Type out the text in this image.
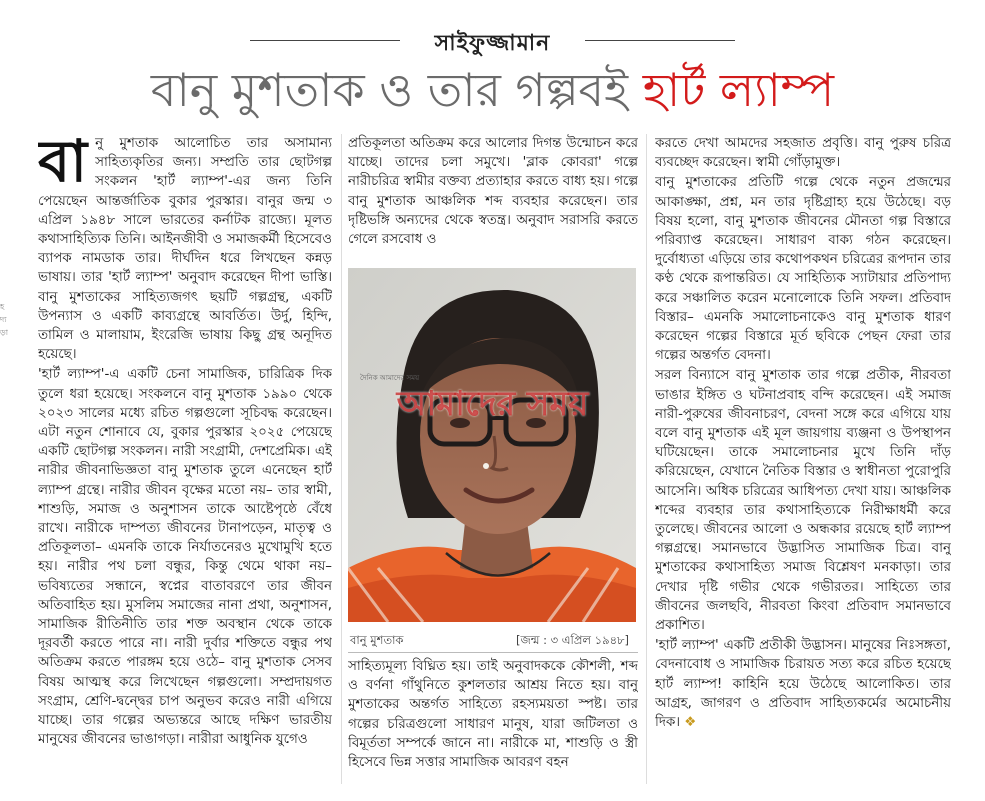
সাইফুজ্জামান
বানু মুশতাক ও তার গল্পবই হার্ট ল্যাম্প
হ দ্য ড়া

বানু মুশতাক আলোচিত তার অসামান্য সাহিত্যকৃতির জন্য। সম্প্রতি তার ছোটগল্প সংকলন 'হার্ট ল্যাম্প'-এর জন্য তিনি পেয়েছেন আন্তর্জাতিক বুকার পুরস্কার। বানুর জন্ম ৩ এপ্রিল ১৯৪৮ সালে ভারতের কর্নাটক রাজ্যে। মূলত কথাসাহিত্যিক তিনি। আইনজীবী ও সমাজকর্মী হিসেবেও ব্যাপক নামডাক তার। দীর্ঘদিন ধরে লিখছেন কন্নড় ভাষায়। তার 'হার্ট ল্যাম্প' অনুবাদ করেছেন দীপা ভাস্তি। বানু মুশতাকের সাহিত্যজগৎ ছয়টি গল্পগ্রন্থ, একটি উপন্যাস ও একটি কাব্যগ্রন্থে আবর্তিত। উর্দু, হিন্দি, তামিল ও মালায়াম, ইংরেজি ভাষায় কিছু গ্রন্থ অনূদিত হয়েছে।

'হার্ট ল্যাম্প'-এ একটি চেনা সামাজিক, চারিত্রিক দিক তুলে ধরা হয়েছে। সংকলনে বানু মুশতাক ১৯৯০ থেকে ২০২৩ সালের মধ্যে রচিত গল্পগুলো সূচিবদ্ধ করেছেন। এটা নতুন শোনাবে যে, বুকার পুরস্কার ২০২৫ পেয়েছে একটি ছোটগল্প সংকলন। নারী সংগ্রামী, দেশপ্রেমিক। এই নারীর জীবনাভিজ্ঞতা বানু মুশতাক তুলে এনেছেন হার্ট ল্যাম্প গ্রন্থে। নারীর জীবন বৃক্ষের মতো নয়– তার স্বামী, শাশুড়ি, সমাজ ও অনুশাসন তাকে আষ্টেপৃষ্ঠে বেঁধে রাখে। নারীকে দাম্পত্য জীবনের টানাপড়েন, মাতৃত্ব ও প্রতিকূলতা– এমনকি তাকে নির্যাতনেরও মুখোমুখি হতে হয়। নারীর পথ চলা বন্ধুর, কিন্তু থেমে থাকা নয়– ভবিষ্যতের সন্ধানে, স্বপ্নের বাতাবরণে তার জীবন অতিবাহিত হয়। মুসলিম সমাজের নানা প্রথা, অনুশাসন, সামাজিক রীতিনীতি তার শক্ত অবস্থান থেকে তাকে দূরবর্তী করতে পারে না। নারী দুর্বার শক্তিতে বন্ধুর পথ অতিক্রম করতে পারঙ্গম হয়ে ওঠে– বানু মুশতাক সেসব বিষয় আত্মস্থ করে লিখেছেন গল্পগুলো। সম্প্রদায়গত সংগ্রাম, শ্রেণি-দ্বন্দ্বের চাপ অনুভব করেও নারী এগিয়ে যাচ্ছে। তার গল্পের অভ্যন্তরে আছে দক্ষিণ ভারতীয় মানুষের জীবনের ভাঙাগড়া। নারীরা আধুনিক যুগেও

প্রতিকূলতা অতিক্রম করে আলোর দিগন্ত উন্মোচন করে যাচ্ছে। তাদের চলা সমুখে। 'ব্লাক কোবরা' গল্পে নারীচরিত্র স্বামীর বক্তব্য প্রত্যাহার করতে বাধ্য হয়। গল্পে বানু মুশতাক আঞ্চলিক শব্দ ব্যবহার করেছেন। তার দৃষ্টিভঙ্গি অন্যদের থেকে স্বতন্ত্র। অনুবাদ সরাসরি করতে গেলে রসবোধ ও

দৈনিক আমাদের সময়
আমাদের সময়
বানু মুশতাক	[জন্ম : ৩ এপ্রিল ১৯৪৮]

সাহিত্যমূল্য বিঘ্নিত হয়। তাই অনুবাদককে কৌশলী, শব্দ ও বর্ণনা গাঁথুনিতে কুশলতার আশ্রয় নিতে হয়। বানু মুশতাকের অন্তর্গত সাহিত্যে রহস্যময়তা স্পষ্ট। তার গল্পের চরিত্রগুলো সাধারণ মানুষ, যারা জটিলতা ও বিমূর্ততা সম্পর্কে জানে না। নারীকে মা, শাশুড়ি ও স্ত্রী হিসেবে ভিন্ন সত্তার সামাজিক আবরণ বহন

করতে দেখা আমদের সহজাত প্রবৃত্তি। বানু পুরুষ চরিত্র ব্যবচ্ছেদ করেছেন। স্বামী গোঁড়ামুক্ত।

বানু মুশতাকের প্রতিটি গল্পে থেকে নতুন প্রজন্মের আকাঙ্ক্ষা, প্রশ্ন, মন তার দৃষ্টিগ্রাহ্য হয়ে উঠেছে। বড় বিষয় হলো, বানু মুশতাক জীবনের মৌনতা গল্প বিস্তারে পরিব্যাপ্ত করেছেন। সাধারণ বাক্য গঠন করেছেন। দুর্বোধ্যতা এড়িয়ে তার কথোপকথন চরিত্রের রূপদান তার কণ্ঠ থেকে রূপান্তরিত। যে সাহিত্যিক স্যাটায়ার প্রতিপাদ্য করে সঞ্চালিত করেন মনোলোকে তিনি সফল। প্রতিবাদ বিস্তার– এমনকি সমালোচনাকেও বানু মুশতাক ধারণ করেছেন গল্পের বিস্তারে মূর্ত ছবিকে পেছন ফেরা তার গল্পের অন্তর্গত বেদনা।

সরল বিন্যাসে বানু মুশতাক তার গল্পে প্রতীক, নীরবতা ভাঙার ইঙ্গিত ও ঘটনাপ্রবাহ বন্দি করেছেন। এই সমাজ নারী-পুরুষের জীবনাচরণ, বেদনা সঙ্গে করে এগিয়ে যায় বলে বানু মুশতাক এই মূল জায়গায় ব্যঞ্জনা ও উপস্থাপন ঘটিয়েছেন। তাকে সমালোচনার মুখে তিনি দাঁড় করিয়েছেন, যেখানে নৈতিক বিস্তার ও স্বাধীনতা পুরোপুরি আসেনি। অধিক চরিত্রের আধিপত্য দেখা যায়। আঞ্চলিক শব্দের ব্যবহার তার কথাসাহিত্যকে নিরীক্ষাধর্মী করে তুলেছে। জীবনের আলো ও অন্ধকার রয়েছে হার্ট ল্যাম্প গল্পগ্রন্থে। সমানভাবে উদ্ভাসিত সামাজিক চিত্র। বানু মুশতাকের কথাসাহিত্য সমাজ বিশ্লেষণ মনকাড়া। তার দেখার দৃষ্টি গভীর থেকে গভীরতর। সাহিত্যে তার জীবনের জলছবি, নীরবতা কিংবা প্রতিবাদ সমানভাবে প্রকাশিত।

'হার্ট ল্যাম্প' একটি প্রতীকী উদ্ভাসন। মানুষের নিঃসঙ্গতা, বেদনাবোধ ও সামাজিক চিরায়ত সত্য করে রচিত হয়েছে হার্ট ল্যাম্প! কাহিনি হয়ে উঠেছে আলোকিত। তার আগ্রহ, জাগরণ ও প্রতিবাদ সাহিত্যকর্মের অমোচনীয় দিক। ❖
